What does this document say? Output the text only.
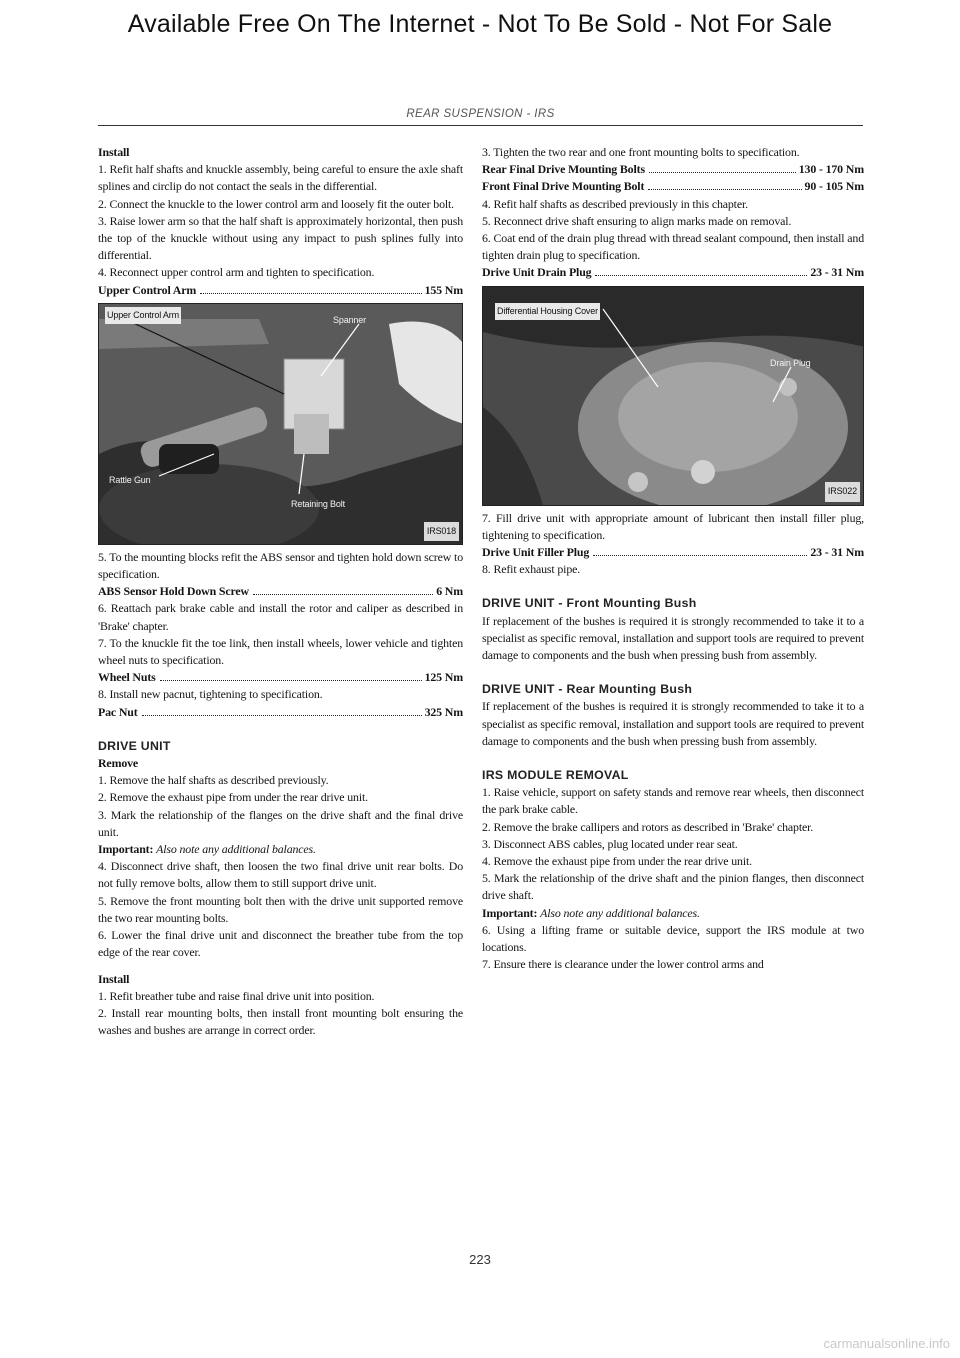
Available Free On The Internet - Not To Be Sold - Not For Sale
REAR SUSPENSION - IRS

Install

1. Refit half shafts and knuckle assembly, being careful to ensure the axle shaft splines and circlip do not contact the seals in the differential.

2. Connect the knuckle to the lower control arm and loosely fit the outer bolt.

3. Raise lower arm so that the half shaft is approximately horizontal, then push the top of the knuckle without using any impact to push splines fully into differential.

4. Reconnect upper control arm and tighten to specification.

Upper Control Arm	155 Nm
Upper Control Arm	Spanner
Rattle Gun
Retaining Bolt
IRS018

5. To the mounting blocks refit the ABS sensor and tighten hold down screw to specification.

ABS Sensor Hold Down Screw	6 Nm

6. Reattach park brake cable and install the rotor and caliper as described in 'Brake' chapter.

7. To the knuckle fit the toe link, then install wheels, lower vehicle and tighten wheel nuts to specification.

Wheel Nuts	125 Nm

8. Install new pacnut, tightening to specification.

Pac Nut	325 Nm

DRIVE UNIT

Remove

1. Remove the half shafts as described previously.

2. Remove the exhaust pipe from under the rear drive unit.

3. Mark the relationship of the flanges on the drive shaft and the final drive unit.

Important: Also note any additional balances.

4. Disconnect drive shaft, then loosen the two final drive unit rear bolts. Do not fully remove bolts, allow them to still support drive unit.

5. Remove the front mounting bolt then with the drive unit supported remove the two rear mounting bolts.

6. Lower the final drive unit and disconnect the breather tube from the top edge of the rear cover.

Install

1. Refit breather tube and raise final drive unit into position.

2. Install rear mounting bolts, then install front mounting bolt ensuring the washes and bushes are arrange in correct order.

3. Tighten the two rear and one front mounting bolts to specification.

Rear Final Drive Mounting Bolts	130 - 170 Nm
Front Final Drive Mounting Bolt	90 - 105 Nm

4. Refit half shafts as described previously in this chapter.

5. Reconnect drive shaft ensuring to align marks made on removal.

6. Coat end of the drain plug thread with thread sealant compound, then install and tighten drain plug to specification.

Drive Unit Drain Plug	23 - 31 Nm
Differential Housing Cover
Drain Plug
IRS022

7. Fill drive unit with appropriate amount of lubricant then install filler plug, tightening to specification.

Drive Unit Filler Plug	23 - 31 Nm

8. Refit exhaust pipe.

DRIVE UNIT - Front Mounting Bush

If replacement of the bushes is required it is strongly recommended to take it to a specialist as specific removal, installation and support tools are required to prevent damage to components and the bush when pressing bush from assembly.

DRIVE UNIT - Rear Mounting Bush

If replacement of the bushes is required it is strongly recommended to take it to a specialist as specific removal, installation and support tools are required to prevent damage to components and the bush when pressing bush from assembly.

IRS MODULE REMOVAL

1. Raise vehicle, support on safety stands and remove rear wheels, then disconnect the park brake cable.

2. Remove the brake callipers and rotors as described in 'Brake' chapter.

3. Disconnect ABS cables, plug located under rear seat.

4. Remove the exhaust pipe from under the rear drive unit.

5. Mark the relationship of the drive shaft and the pinion flanges, then disconnect drive shaft.

Important: Also note any additional balances.

6. Using a lifting frame or suitable device, support the IRS module at two locations.

7. Ensure there is clearance under the lower control arms and

223
carmanualsonline.info
